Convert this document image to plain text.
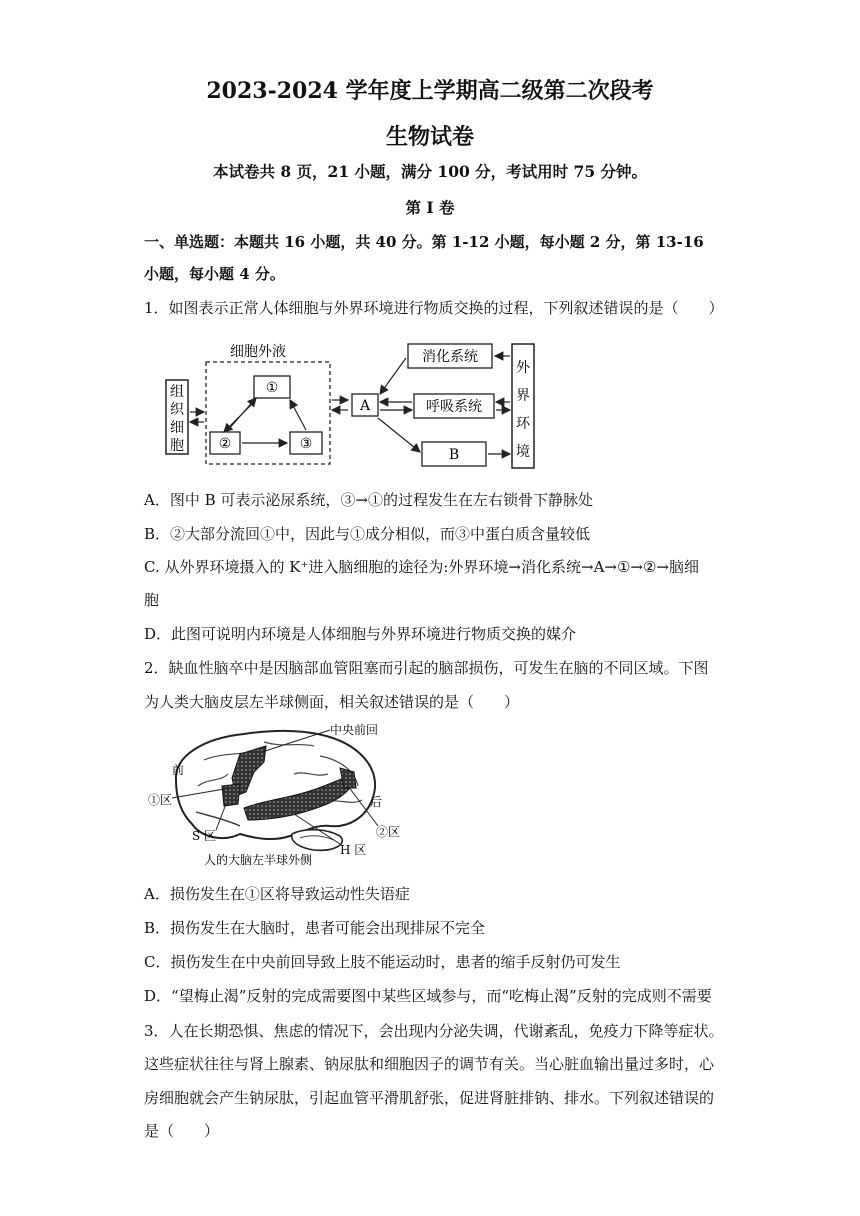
2023-2024 学年度上学期高二级第二次段考
生物试卷
本试卷共 8 页，21 小题，满分 100 分，考试用时 75 分钟。
第 I 卷
一、单选题：本题共 16 小题，共 40 分。第 1-12 小题，每小题 2 分，第 13-16
小题，每小题 4 分。
1．如图表示正常人体细胞与外界环境进行物质交换的过程，下列叙述错误的是（　　）
组
织
细
胞
细胞外液
①
②	③
A
消化系统
呼吸系统
B
外
界
环
境
A．图中 B 可表示泌尿系统，③→①的过程发生在左右锁骨下静脉处
B．②大部分流回①中，因此与①成分相似，而③中蛋白质含量较低
C. 从外界环境摄入的 K⁺进入脑细胞的途径为:外界环境→消化系统→A→①→②→脑细
胞
D．此图可说明内环境是人体细胞与外界环境进行物质交换的媒介
2．缺血性脑卒中是因脑部血管阻塞而引起的脑部损伤，可发生在脑的不同区域。下图
为人类大脑皮层左半球侧面，相关叙述错误的是（　　）
中央前回
前
①区	后
S 区	②区
H 区
人的大脑左半球外侧
A．损伤发生在①区将导致运动性失语症
B．损伤发生在大脑时，患者可能会出现排尿不完全
C．损伤发生在中央前回导致上肢不能运动时，患者的缩手反射仍可发生
D．“望梅止渴”反射的完成需要图中某些区域参与，而“吃梅止渴”反射的完成则不需要
3．人在长期恐惧、焦虑的情况下，会出现内分泌失调，代谢紊乱，免疫力下降等症状。
这些症状往往与肾上腺素、钠尿肽和细胞因子的调节有关。当心脏血输出量过多时，心
房细胞就会产生钠尿肽，引起血管平滑肌舒张，促进肾脏排钠、排水。下列叙述错误的
是（　　）
